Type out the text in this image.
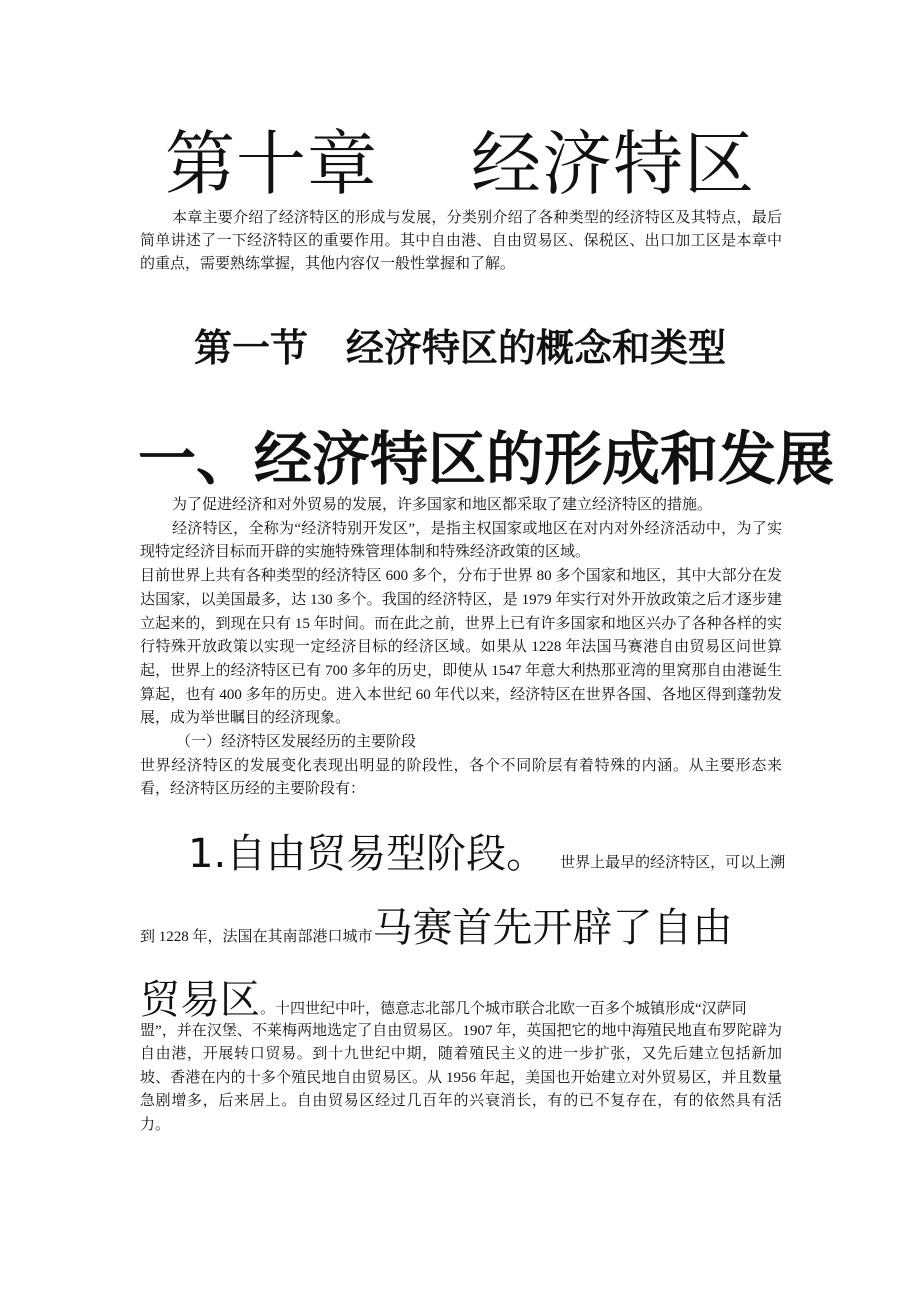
第十章    经济特区

本章主要介绍了经济特区的形成与发展，分类别介绍了各种类型的经济特区及其特点，最后简单讲述了一下经济特区的重要作用。其中自由港、自由贸易区、保税区、出口加工区是本章中的重点，需要熟练掌握，其他内容仅一般性掌握和了解。

第一节    经济特区的概念和类型
一、经济特区的形成和发展

为了促进经济和对外贸易的发展，许多国家和地区都采取了建立经济特区的措施。

经济特区，全称为“经济特别开发区”，是指主权国家或地区在对内对外经济活动中，为了实现特定经济目标而开辟的实施特殊管理体制和特殊经济政策的区域。

目前世界上共有各种类型的经济特区 600 多个，分布于世界 80 多个国家和地区，其中大部分在发达国家，以美国最多，达 130 多个。我国的经济特区，是 1979 年实行对外开放政策之后才逐步建立起来的，到现在只有 15 年时间。而在此之前，世界上已有许多国家和地区兴办了各种各样的实行特殊开放政策以实现一定经济目标的经济区域。如果从 1228 年法国马赛港自由贸易区问世算起，世界上的经济特区已有 700 多年的历史，即使从 1547 年意大利热那亚湾的里窝那自由港诞生算起，也有 400 多年的历史。进入本世纪 60 年代以来，经济特区在世界各国、各地区得到蓬勃发展，成为举世瞩目的经济现象。

（一）经济特区发展经历的主要阶段

世界经济特区的发展变化表现出明显的阶段性，各个不同阶层有着特殊的内涵。从主要形态来看，经济特区历经的主要阶段有：

1.自由贸易型阶段。 世界上最早的经济特区，可以上溯
到 1228 年，法国在其南部港口城市马赛首先开辟了自由
贸易区。十四世纪中叶，德意志北部几个城市联合北欧一百多个城镇形成“汉萨同

盟”，并在汉堡、不莱梅两地选定了自由贸易区。1907 年，英国把它的地中海殖民地直布罗陀辟为自由港，开展转口贸易。到十九世纪中期，随着殖民主义的进一步扩张，又先后建立包括新加坡、香港在内的十多个殖民地自由贸易区。从 1956 年起，美国也开始建立对外贸易区，并且数量急剧增多，后来居上。自由贸易区经过几百年的兴衰消长，有的已不复存在，有的依然具有活力。
